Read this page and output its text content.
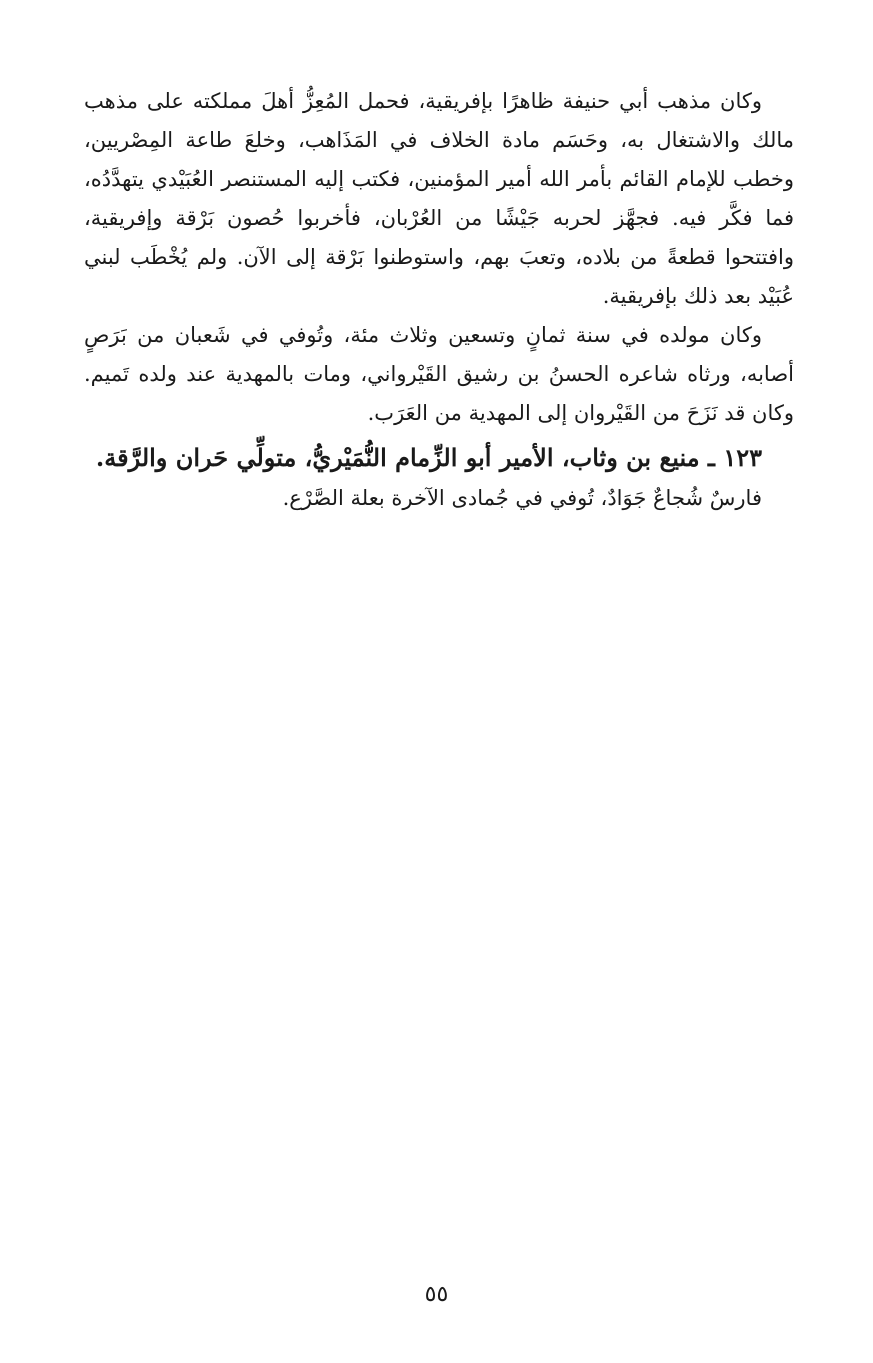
وكان مذهب أبي حنيفة ظاهرًا بإفريقية، فحمل المُعِزُّ أهلَ مملكته على مذهب مالك والاشتغال به، وحَسَم مادة الخلاف في المَذَاهب، وخلعَ طاعة المِصْريين، وخطب للإمام القائم بأمر الله أمير المؤمنين، فكتب إليه المستنصر العُبَيْدي يتهدَّدُه، فما فكَّر فيه. فجهَّز لحربه جَيْشًا من العُرْبان، فأخربوا حُصون بَرْقة وإفريقية، وافتتحوا قطعةً من بلاده، وتعبَ بهم، واستوطنوا بَرْقة إلى الآن. ولم يُخْطَب لبني عُبَيْد بعد ذلك بإفريقية.

وكان مولده في سنة ثمانٍ وتسعين وثلاث مئة، وتُوفي في شَعبان من بَرَصٍ أصابه، ورثاه شاعره الحسنُ بن رشيق القَيْرواني، ومات بالمهدية عند ولده تَميم. وكان قد نَزَحَ من القَيْروان إلى المهدية من العَرَب.

١٢٣ ـ منيع بن وثاب، الأمير أبو الزِّمام النُّمَيْريُّ، متولِّي حَران والرَّقة.

فارسٌ شُجاعٌ جَوَادٌ، تُوفي في جُمادى الآخرة بعلة الصَّرْع.

٥٥
